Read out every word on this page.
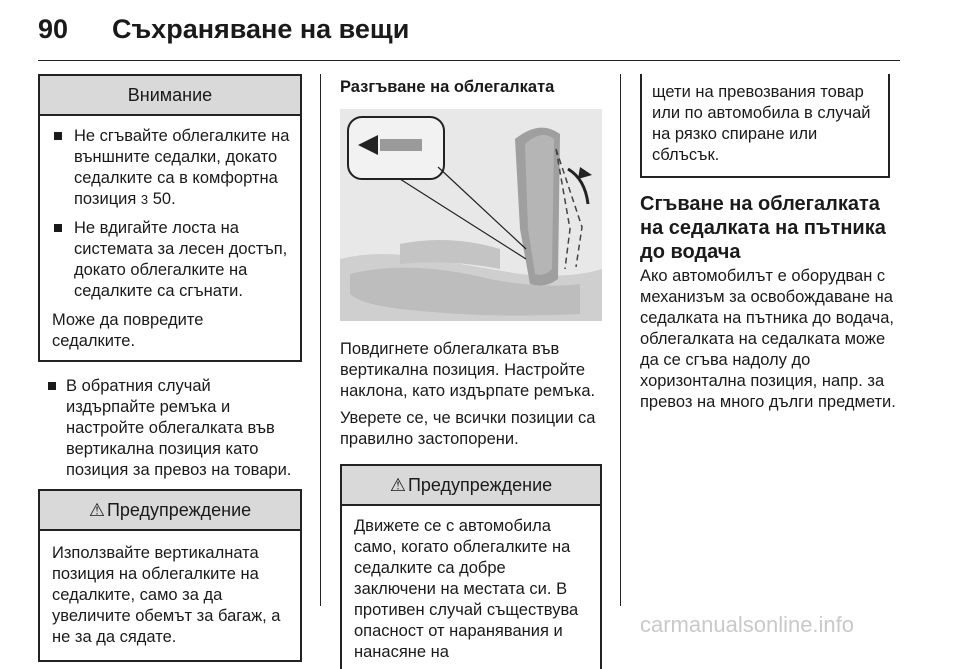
90 Съхраняване на вещи
Внимание
Не сгъвайте облегалките на външните седалки, докато седалките са в комфортна позиция 3 50.
Не вдигайте лоста на системата за лесен достъп, докато облегалките на седалките са сгънати.

Може да повредите седалките.

В обратния случай издърпайте ремъка и настройте облегалката във вертикална позиция като позиция за превоз на товари.
⚠ Предупреждение

Използвайте вертикалната позиция на облегалките на седалките, само за да увеличите обемът за багаж, а не за да сядате.

Разгъване на облегалката

Повдигнете облегалката във вертикална позиция. Настройте наклона, като издърпате ремъка.

Уверете се, че всички позиции са правилно застопорени.

⚠ Предупреждение

Движете се с автомобила само, когато облегалките на седалките са добре заключени на местата си. В противен случай съществува опасност от наранявания и нанасяне на

щети на превозвания товар или по автомобила в случай на рязко спиране или сблъсък.

Сгъване на облегалката на седалката на пътника до водача

Ако автомобилът е оборудван с механизъм за освобождаване на седалката на пътника до водача, облегалката на седалката може да се сгъва надолу до хоризонтална позиция, напр. за превоз на много дълги предмети.

carmanualsonline.info
